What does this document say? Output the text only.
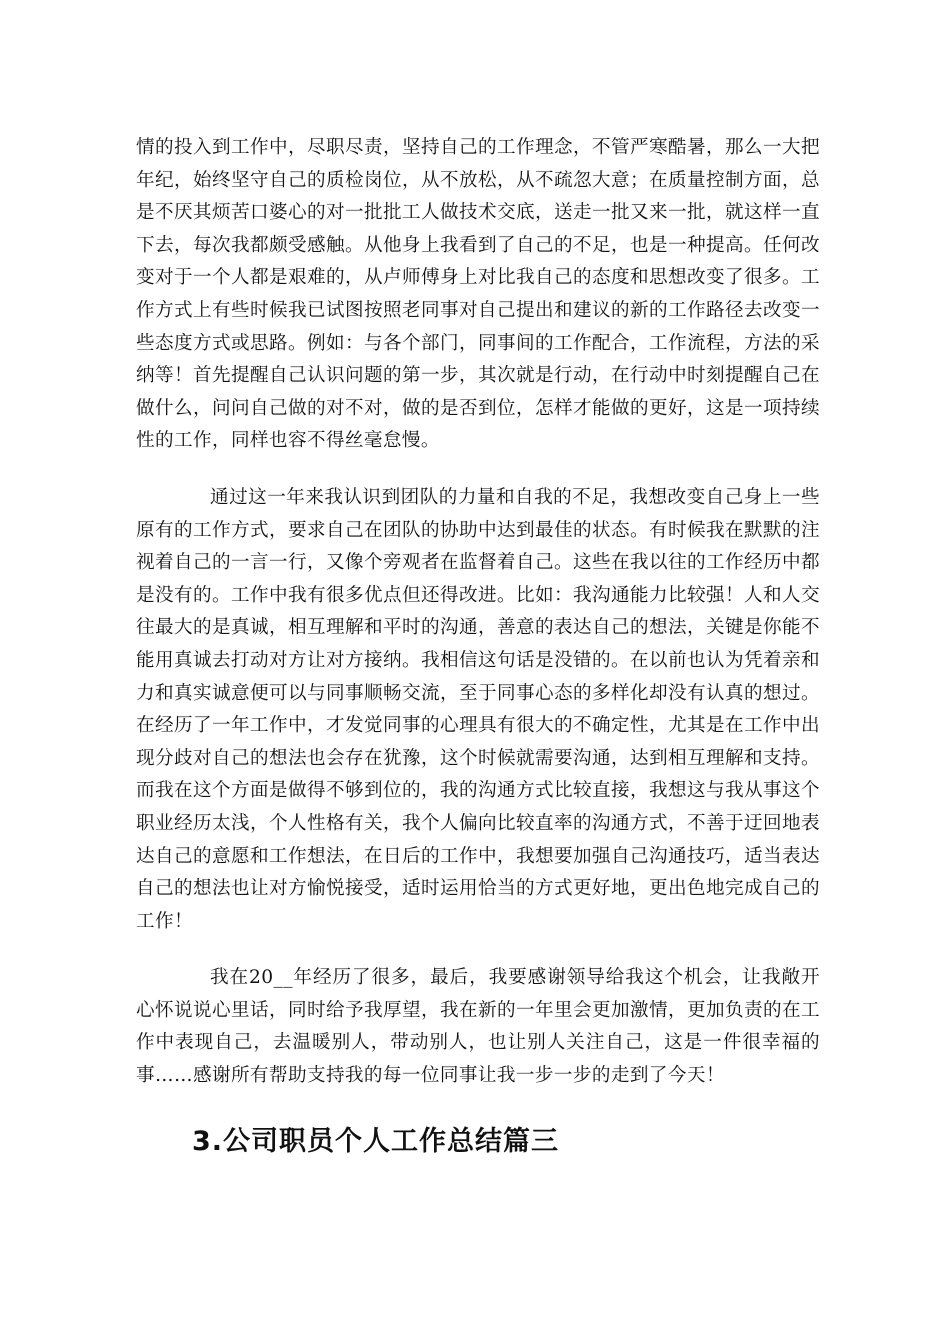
情的投入到工作中，尽职尽责，坚持自己的工作理念，不管严寒酷暑，那么一大把年纪，始终坚守自己的质检岗位，从不放松，从不疏忽大意；在质量控制方面，总是不厌其烦苦口婆心的对一批批工人做技术交底，送走一批又来一批，就这样一直下去，每次我都颇受感触。从他身上我看到了自己的不足，也是一种提高。任何改变对于一个人都是艰难的，从卢师傅身上对比我自己的态度和思想改变了很多。工作方式上有些时候我已试图按照老同事对自己提出和建议的新的工作路径去改变一些态度方式或思路。例如：与各个部门，同事间的工作配合，工作流程，方法的采纳等！首先提醒自己认识问题的第一步，其次就是行动，在行动中时刻提醒自己在做什么，问问自己做的对不对，做的是否到位，怎样才能做的更好，这是一项持续性的工作，同样也容不得丝毫怠慢。

通过这一年来我认识到团队的力量和自我的不足，我想改变自己身上一些原有的工作方式，要求自己在团队的协助中达到最佳的状态。有时候我在默默的注视着自己的一言一行，又像个旁观者在监督着自己。这些在我以往的工作经历中都是没有的。工作中我有很多优点但还得改进。比如：我沟通能力比较强！人和人交往最大的是真诚，相互理解和平时的沟通，善意的表达自己的想法，关键是你能不能用真诚去打动对方让对方接纳。我相信这句话是没错的。在以前也认为凭着亲和力和真实诚意便可以与同事顺畅交流，至于同事心态的多样化却没有认真的想过。在经历了一年工作中，才发觉同事的心理具有很大的不确定性，尤其是在工作中出现分歧对自己的想法也会存在犹豫，这个时候就需要沟通，达到相互理解和支持。而我在这个方面是做得不够到位的，我的沟通方式比较直接，我想这与我从事这个职业经历太浅，个人性格有关，我个人偏向比较直率的沟通方式，不善于迂回地表达自己的意愿和工作想法，在日后的工作中，我想要加强自己沟通技巧，适当表达自己的想法也让对方愉悦接受，适时运用恰当的方式更好地，更出色地完成自己的工作！

我在20__年经历了很多，最后，我要感谢领导给我这个机会，让我敞开心怀说说心里话，同时给予我厚望，我在新的一年里会更加激情，更加负责的在工作中表现自己，去温暖别人，带动别人，也让别人关注自己，这是一件很幸福的事……感谢所有帮助支持我的每一位同事让我一步一步的走到了今天！

3.公司职员个人工作总结篇三
